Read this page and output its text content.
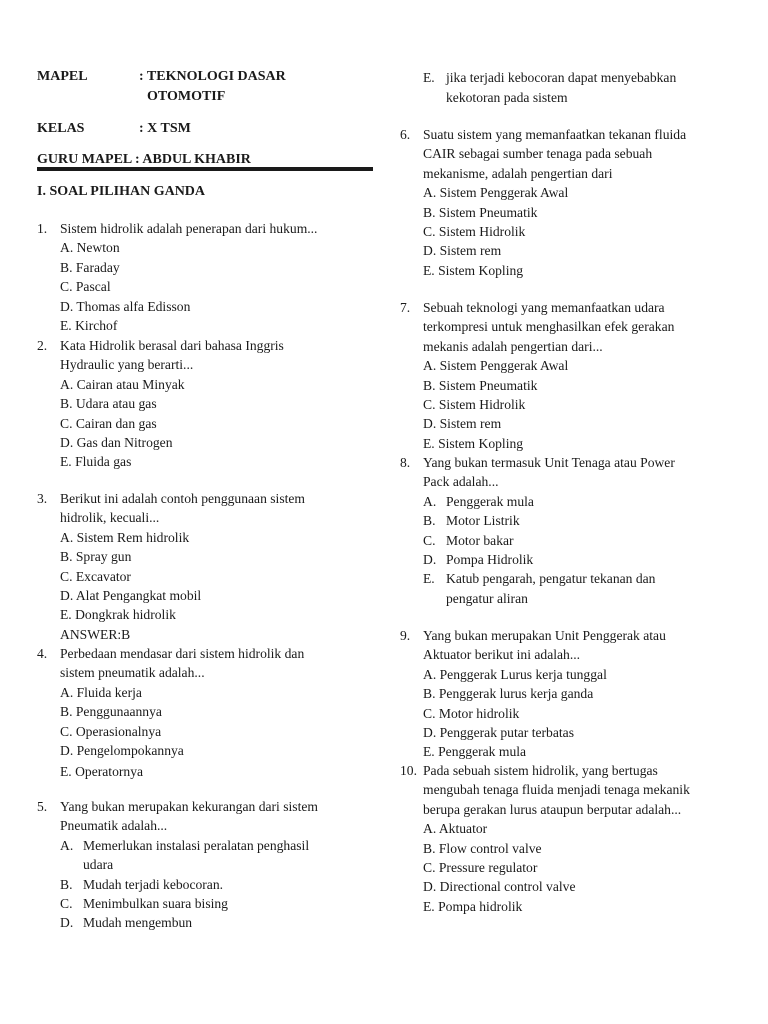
MAPEL	: TEKNOLOGI DASAR
OTOMOTIF
KELAS	: X TSM
GURU MAPEL : ABDUL KHABIR
I. SOAL PILIHAN GANDA
1. Sistem hidrolik adalah penerapan dari hukum...
A. Newton
B. Faraday
C. Pascal
D. Thomas alfa Edisson
E. Kirchof
2. Kata Hidrolik berasal dari bahasa Inggris
Hydraulic yang berarti...
A. Cairan atau Minyak
B. Udara atau gas
C. Cairan dan gas
D. Gas dan Nitrogen
E. Fluida gas
3. Berikut ini adalah contoh penggunaan sistem
hidrolik, kecuali...
A. Sistem Rem hidrolik
B. Spray gun
C. Excavator
D. Alat Pengangkat mobil
E. Dongkrak hidrolik
ANSWER:B
4. Perbedaan mendasar dari sistem hidrolik dan
sistem pneumatik adalah...
A. Fluida kerja
B. Penggunaannya
C. Operasionalnya
D. Pengelompokannya
E. Operatornya
5. Yang bukan merupakan kekurangan dari sistem
Pneumatik adalah...
A. Memerlukan instalasi peralatan penghasil
udara
B. Mudah terjadi kebocoran.
C. Menimbulkan suara bising
D. Mudah mengembun
E. jika terjadi kebocoran dapat menyebabkan
kekotoran pada sistem
6. Suatu sistem yang memanfaatkan tekanan fluida
CAIR sebagai sumber tenaga pada sebuah
mekanisme, adalah pengertian dari
A. Sistem Penggerak Awal
B. Sistem Pneumatik
C. Sistem Hidrolik
D. Sistem rem
E. Sistem Kopling
7. Sebuah teknologi yang memanfaatkan udara
terkompresi untuk menghasilkan efek gerakan
mekanis adalah pengertian dari...
A. Sistem Penggerak Awal
B. Sistem Pneumatik
C. Sistem Hidrolik
D. Sistem rem
E. Sistem Kopling
8. Yang bukan termasuk Unit Tenaga atau Power
Pack adalah...
A. Penggerak mula
B. Motor Listrik
C. Motor bakar
D. Pompa Hidrolik
E. Katub pengarah, pengatur tekanan dan
pengatur aliran
9. Yang bukan merupakan Unit Penggerak atau
Aktuator berikut ini adalah...
A. Penggerak Lurus kerja tunggal
B. Penggerak lurus kerja ganda
C. Motor hidrolik
D. Penggerak putar terbatas
E. Penggerak mula
10. Pada sebuah sistem hidrolik, yang bertugas
mengubah tenaga fluida menjadi tenaga mekanik
berupa gerakan lurus ataupun berputar adalah...
A. Aktuator
B. Flow control valve
C. Pressure regulator
D. Directional control valve
E. Pompa hidrolik
